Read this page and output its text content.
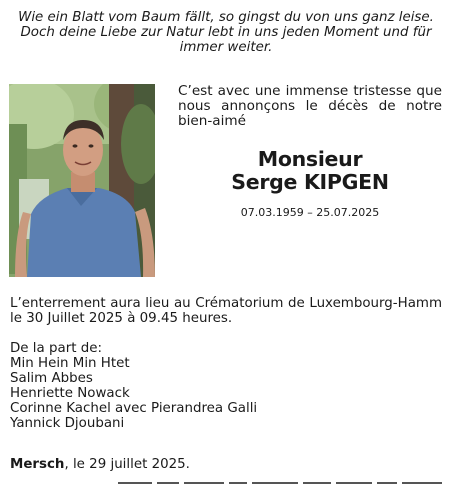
Wie ein Blatt vom Baum fällt, so gingst du von uns ganz leise.
Doch deine Liebe zur Natur lebt in uns jeden Moment und für
immer weiter.
C’est avec une immense tristesse que nous annonçons le décès de notre bien-aimé
Monsieur
Serge KIPGEN
07.03.1959 – 25.07.2025
L’enterrement aura lieu au Crématorium de Luxembourg-Hamm le 30 Juillet 2025 à 09.45 heures.
De la part de:
Min Hein Min Htet
Salim Abbes
Henriette Nowack
Corinne Kachel avec Pierandrea Galli
Yannick Djoubani
Mersch, le 29 juillet 2025.
